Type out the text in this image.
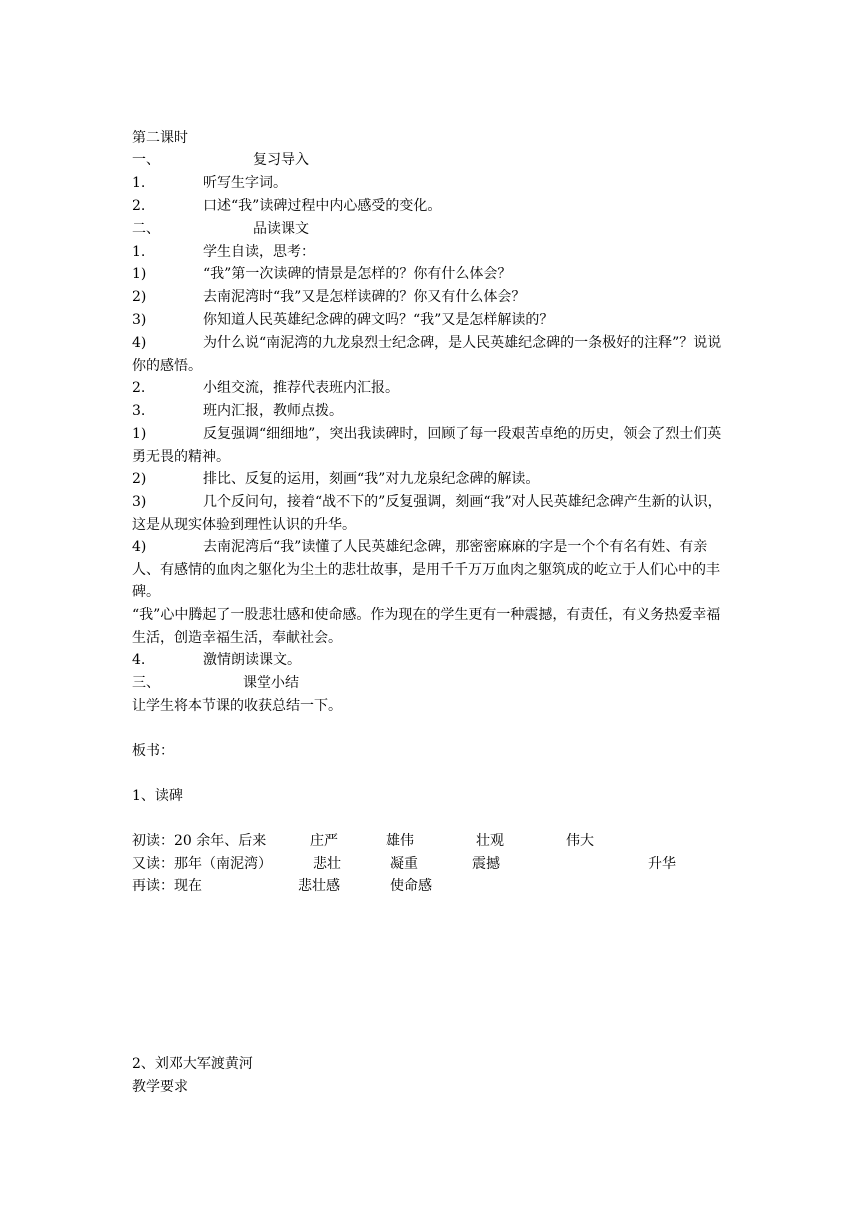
第二课时
一、	复习导入
1.	听写生字词。
2.	口述“我”读碑过程中内心感受的变化。
二、	品读课文
1.	学生自读，思考：
1)	“我”第一次读碑的情景是怎样的？你有什么体会？
2)	去南泥湾时“我”又是怎样读碑的？你又有什么体会？
3)	你知道人民英雄纪念碑的碑文吗？“我”又是怎样解读的？
4)	为什么说“南泥湾的九龙泉烈士纪念碑，是人民英雄纪念碑的一条极好的注释”？说说你的感悟。
2.	小组交流，推荐代表班内汇报。
3.	班内汇报，教师点拨。
1)	反复强调“细细地”，突出我读碑时，回顾了每一段艰苦卓绝的历史，领会了烈士们英勇无畏的精神。
2)	排比、反复的运用，刻画“我”对九龙泉纪念碑的解读。
3)	几个反问句，接着“战不下的”反复强调，刻画“我”对人民英雄纪念碑产生新的认识，这是从现实体验到理性认识的升华。
4)	去南泥湾后“我”读懂了人民英雄纪念碑，那密密麻麻的字是一个个有名有姓、有亲人、有感情的血肉之躯化为尘土的悲壮故事，是用千千万万血肉之躯筑成的屹立于人们心中的丰碑。
“我”心中腾起了一股悲壮感和使命感。作为现在的学生更有一种震撼，有责任，有义务热爱幸福生活，创造幸福生活，奉献社会。
4.	激情朗读课文。
三、	课堂小结
让学生将本节课的收获总结一下。
板书：
1、读碑
初读：20 余年、后来	庄严	雄伟	壮观	伟大
又读：那年（南泥湾）	悲壮	凝重	震撼	升华
再读：现在	悲壮感	使命感
2、刘邓大军渡黄河
教学要求
